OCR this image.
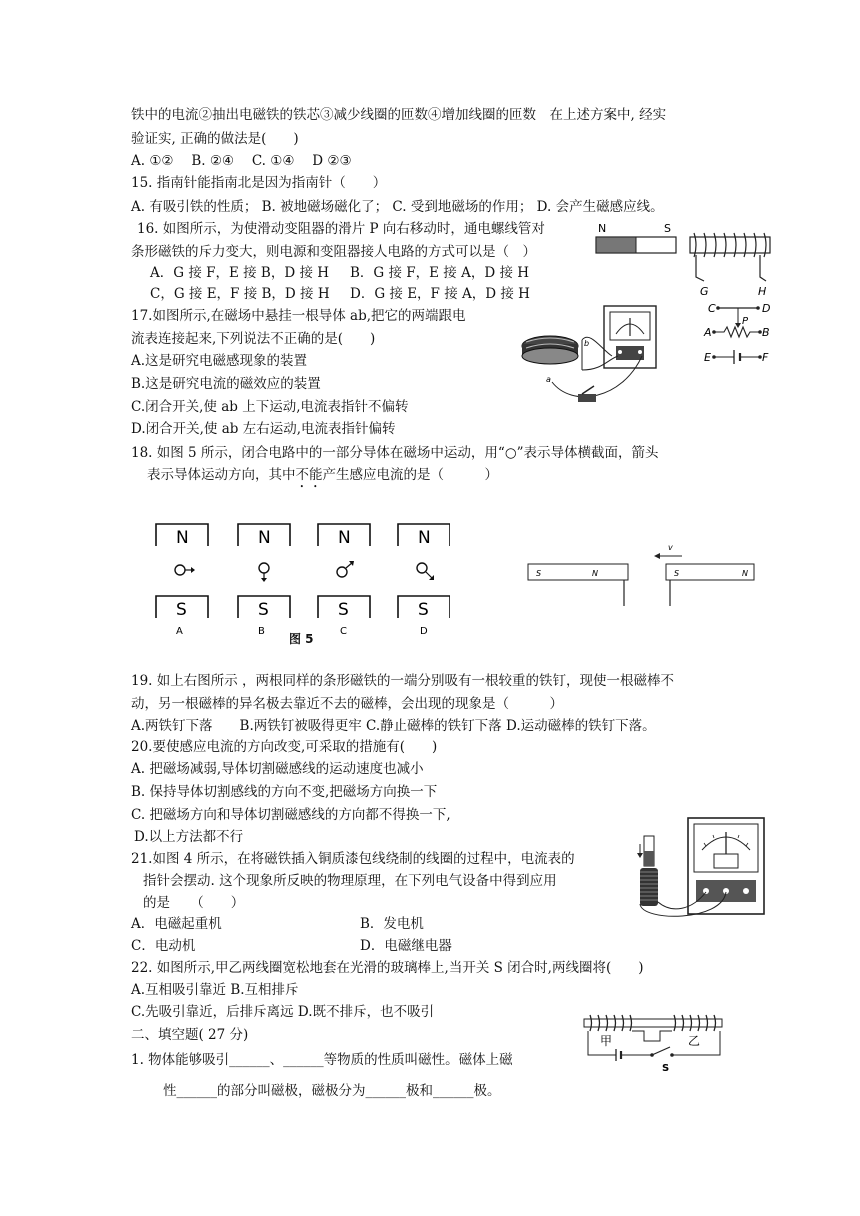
铁中的电流②抽出电磁铁的铁芯③减少线圈的匝数④增加线圈的匝数　在上述方案中, 经实
验证实, 正确的做法是(　　)
A. ①②　 B. ②④　 C. ①④　 D ②③
15. 指南针能指南北是因为指南针（　　）
A. 有吸引铁的性质； B. 被地磁场磁化了； C. 受到地磁场的作用； D. 会产生磁感应线。
16. 如图所示，为使滑动变阻器的滑片 P 向右移动时，通电螺线管对
条形磁铁的斥力变大，则电源和变阻器接人电路的方式可以是（　）
A．G 接 F，E 接 B，D 接 H B．G 接 F，E 接 A，D 接 H
C，G 接 E，F 接 B，D 接 H D．G 接 E，F 接 A，D 接 H
N	S
G	H
C	D
P
A	B
E	F
17.如图所示,在磁场中悬挂一根导体 ab,把它的两端跟电
流表连接起来,下列说法不正确的是(　　)
A.这是研究电磁感现象的装置
B.这是研究电流的磁效应的装置
C.闭合开关,使 ab 上下运动,电流表指针不偏转
D.闭合开关,使 ab 左右运动,电流表指针偏转
b
a
18. 如图 5 所示，闭合电路中的一部分导体在磁场中运动，用“○”表示导体横截面，箭头
表示导体运动方向，其中不能产生感应电流的是（　　　）
N
S
A
N
S
B
N
S
C
N
S
D
图 5
S	N
v
S	N
19. 如上右图所示 ，两根同样的条形磁铁的一端分别吸有一根较重的铁钉，现使一根磁棒不
动，另一根磁棒的异名极去靠近不去的磁棒，会出现的现象是（　　　）
A.两铁钉下落　　B.两铁钉被吸得更牢 C.静止磁棒的铁钉下落 D.运动磁棒的铁钉下落。
20.要使感应电流的方向改变,可采取的措施有(　　)
A. 把磁场减弱,导体切割磁感线的运动速度也减小
B. 保持导体切割感线的方向不变,把磁场方向换一下
C. 把磁场方向和导体切割磁感线的方向都不得换一下,
D.以上方法都不行
21.如图 4 所示，在将磁铁插入铜质漆包线绕制的线圈的过程中，电流表的
指针会摆动. 这个现象所反映的物理原理，在下列电气设备中得到应用
的是　　（　　）
A．电磁起重机	B．发电机
C．电动机	D．电磁继电器
22. 如图所示,甲乙两线圈宽松地套在光滑的玻璃棒上,当开关 S 闭合时,两线圈将(　　)
A.互相吸引靠近 B.互相排斥
C.先吸引靠近，后排斥离远 D.既不排斥，也不吸引
甲	乙
S
二、填空题( 27 分)
1. 物体能够吸引______、______等物质的性质叫磁性。磁体上磁
性______的部分叫磁极，磁极分为______极和______极。
